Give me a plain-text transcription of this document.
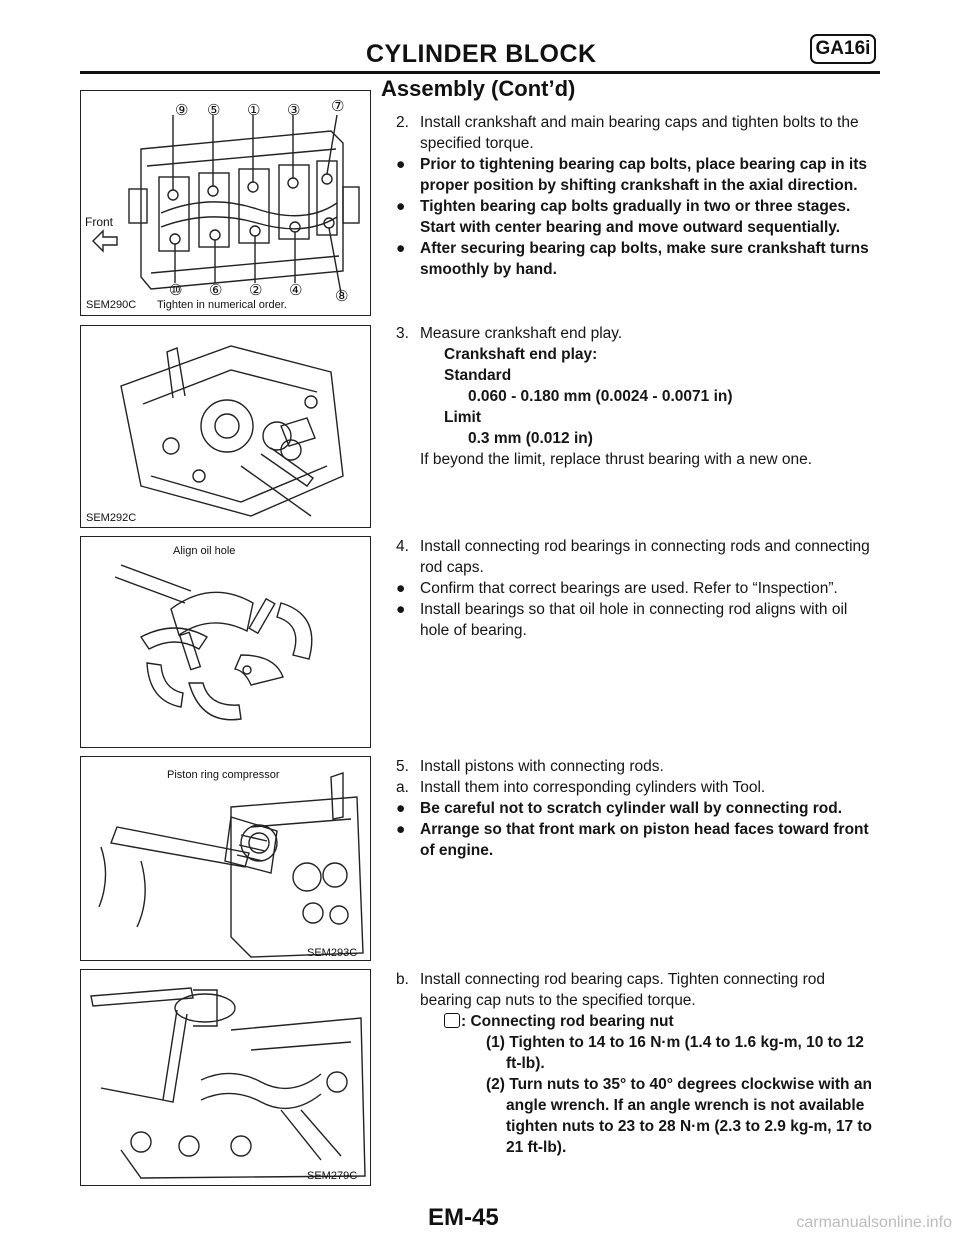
CYLINDER BLOCK	GA16i
Assembly (Cont’d)
⑨ ⑤ ① ③ ⑦
⑩ ⑥ ② ④ ⑧
Front
SEM290C Tighten in numerical order.
SEM292C
Align oil hole
Piston ring compressor
SEM293C
SEM279C
2. Install crankshaft and main bearing caps and tighten bolts to the specified torque.
● Prior to tightening bearing cap bolts, place bearing cap in its proper position by shifting crankshaft in the axial direction.
● Tighten bearing cap bolts gradually in two or three stages. Start with center bearing and move outward sequentially.
● After securing bearing cap bolts, make sure crankshaft turns smoothly by hand.
3. Measure crankshaft end play.
Crankshaft end play:
Standard
0.060 - 0.180 mm (0.0024 - 0.0071 in)
Limit
0.3 mm (0.012 in)
If beyond the limit, replace thrust bearing with a new one.
4. Install connecting rod bearings in connecting rods and connecting rod caps.
● Confirm that correct bearings are used. Refer to “Inspection”.
● Install bearings so that oil hole in connecting rod aligns with oil hole of bearing.
5. Install pistons with connecting rods.
a. Install them into corresponding cylinders with Tool.
● Be careful not to scratch cylinder wall by connecting rod.
● Arrange so that front mark on piston head faces toward front of engine.
b. Install connecting rod bearing caps. Tighten connecting rod bearing cap nuts to the specified torque.
: Connecting rod bearing nut
(1) Tighten to 14 to 16 N·m (1.4 to 1.6 kg-m, 10 to 12 ft-lb).
(2) Turn nuts to 35° to 40° degrees clockwise with an angle wrench. If an angle wrench is not available tighten nuts to 23 to 28 N·m (2.3 to 2.9 kg-m, 17 to 21 ft-lb).
EM-45	carmanualsonline.info
